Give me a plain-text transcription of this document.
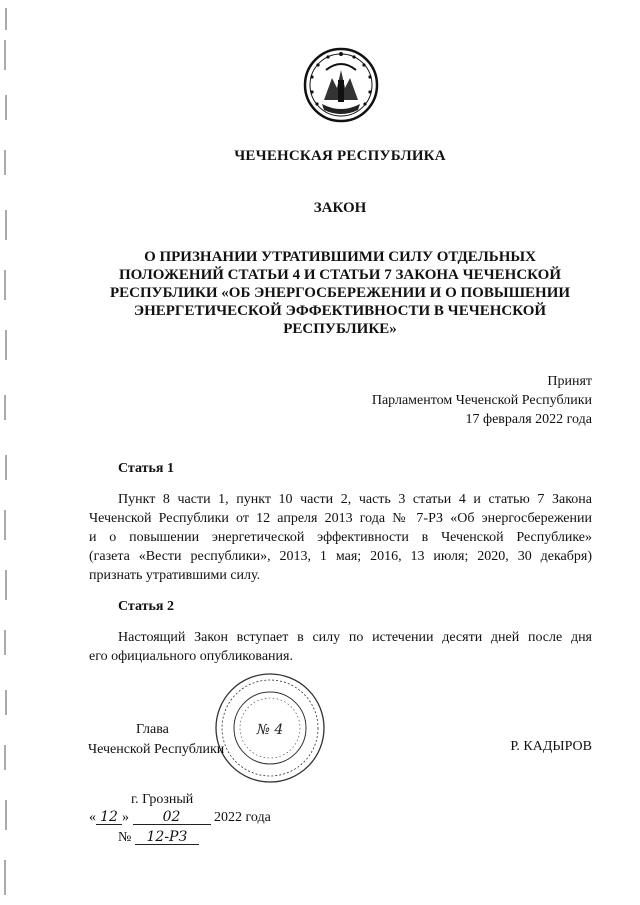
ЧЕЧЕНСКАЯ РЕСПУБЛИКА
ЗАКОН
О ПРИЗНАНИИ УТРАТИВШИМИ СИЛУ ОТДЕЛЬНЫХ
ПОЛОЖЕНИЙ СТАТЬИ 4 И СТАТЬИ 7 ЗАКОНА ЧЕЧЕНСКОЙ
РЕСПУБЛИКИ «ОБ ЭНЕРГОСБЕРЕЖЕНИИ И О ПОВЫШЕНИИ
ЭНЕРГЕТИЧЕСКОЙ ЭФФЕКТИВНОСТИ В ЧЕЧЕНСКОЙ
РЕСПУБЛИКЕ»
Принят
Парламентом Чеченской Республики
17 февраля 2022 года
Статья 1
Пункт 8 части 1, пункт 10 части 2, часть 3 статьи 4 и статью 7 Закона
Чеченской Республики от 12 апреля 2013 года № 7-РЗ «Об энергосбережении
и о повышении энергетической эффективности в Чеченской Республике»
(газета «Вести республики», 2013, 1 мая; 2016, 13 июля; 2020, 30 декабря)
признать утратившими силу.
Статья 2
Настоящий Закон вступает в силу по истечении десяти дней после дня
его официального опубликования.
№ 4
Глава
Чеченской Республики	Р. КАДЫРОВ
г. Грозный
« 12 » 02 2022 года
№ 12-РЗ
